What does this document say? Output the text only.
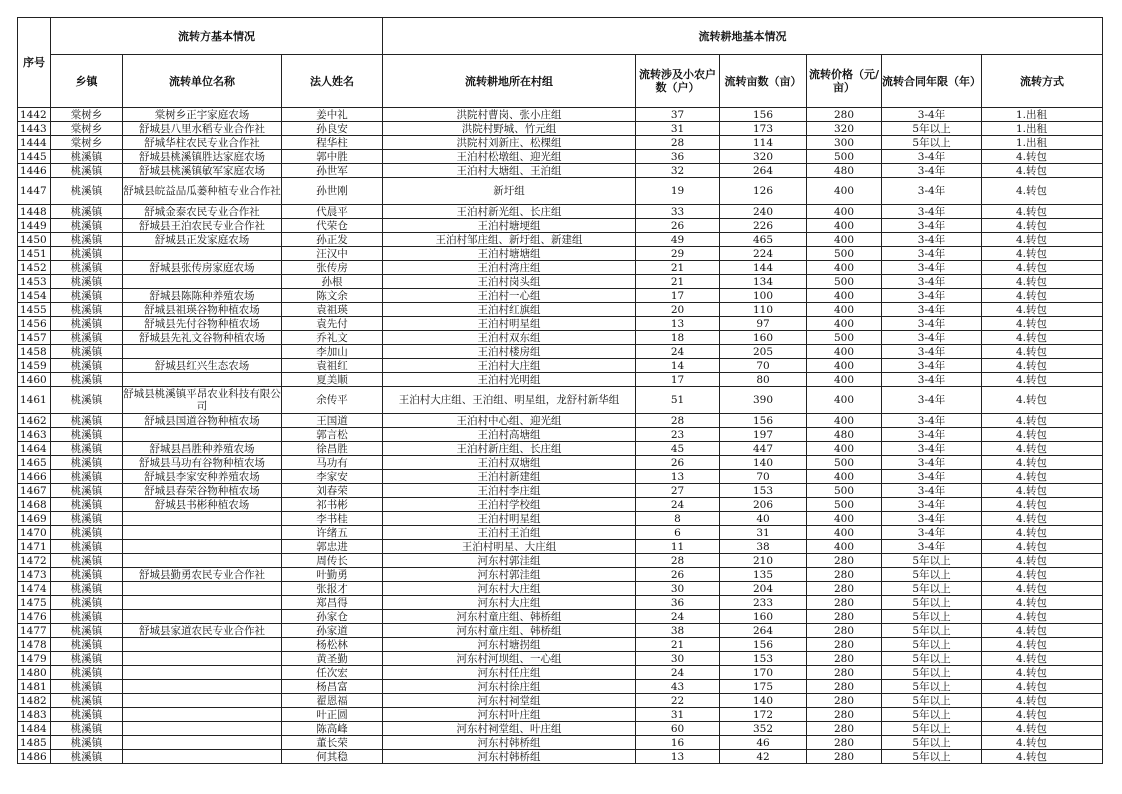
序号	流转方基本情况			流转耕地基本情况					
	乡镇	流转单位名称	法人姓名	流转耕地所在村组	流转涉及小农户数（户）	流转亩数（亩）	流转价格（元/亩）	流转合同年限（年）	流转方式
1442	棠树乡	棠树乡正宇家庭农场	姜中礼	洪院村曹岗、张小庄组	37	156	280	3-4年	1.出租
1443	棠树乡	舒城县八里水稻专业合作社	孙良安	洪院村野城、竹元组	31	173	320	5年以上	1.出租
1444	棠树乡	舒城华柱农民专业合作社	程华柱	洪院村刘新庄、松棵组	28	114	300	5年以上	1.出租
1445	桃溪镇	舒城县桃溪镇胜达家庭农场	郭中胜	王泊村松墩组、迎光组	36	320	500	3-4年	4.转包
1446	桃溪镇	舒城县桃溪镇敏军家庭农场	孙世军	王泊村大塘组、王泊组	32	264	480	3-4年	4.转包
1447	桃溪镇	舒城县皖益品瓜蒌种植专业合作社	孙世刚	新圩组	19	126	400	3-4年	4.转包
1448	桃溪镇	舒城金泰农民专业合作社	代晨平	王泊村新光组、长庄组	33	240	400	3-4年	4.转包
1449	桃溪镇	舒城县王泊农民专业合作社	代荣仓	王泊村塘埂组	26	226	400	3-4年	4.转包
1450	桃溪镇	舒城县正发家庭农场	孙正发	王泊村邹庄组、新圩组、新建组	49	465	400	3-4年	4.转包
1451	桃溪镇		汪汉中	王泊村塘塘组	29	224	500	3-4年	4.转包
1452	桃溪镇	舒城县张传房家庭农场	张传房	王泊村湾庄组	21	144	400	3-4年	4.转包
1453	桃溪镇		孙根	王泊村岗头组	21	134	500	3-4年	4.转包
1454	桃溪镇	舒城县陈陈种养殖农场	陈文余	王泊村一心组	17	100	400	3-4年	4.转包
1455	桃溪镇	舒城县祖瑛谷物种植农场	袁祖瑛	王泊村红旗组	20	110	400	3-4年	4.转包
1456	桃溪镇	舒城县先付谷物种植农场	袁先付	王泊村明星组	13	97	400	3-4年	4.转包
1457	桃溪镇	舒城县先礼文谷物种植农场	乔礼文	王泊村双东组	18	160	500	3-4年	4.转包
1458	桃溪镇		李加山	王泊村楼房组	24	205	400	3-4年	4.转包
1459	桃溪镇	舒城县红兴生态农场	袁祖红	王泊村大庄组	14	70	400	3-4年	4.转包
1460	桃溪镇		夏美顺	王泊村光明组	17	80	400	3-4年	4.转包
1461	桃溪镇	舒城县桃溪镇平昂农业科技有限公司	余传平	王泊村大庄组、王泊组、明星组，龙舒村新华组	51	390	400	3-4年	4.转包
1462	桃溪镇	舒城县国道谷物种植农场	王国道	王泊村中心组、迎光组	28	156	400	3-4年	4.转包
1463	桃溪镇		郭言松	王泊村高塘组	23	197	480	3-4年	4.转包
1464	桃溪镇	舒城县昌胜种养殖农场	徐昌胜	王泊村新庄组、长庄组	45	447	400	3-4年	4.转包
1465	桃溪镇	舒城县马功有谷物种植农场	马功有	王泊村双塘组	26	140	500	3-4年	4.转包
1466	桃溪镇	舒城县李家安种养殖农场	李家安	王泊村新建组	13	70	400	3-4年	4.转包
1467	桃溪镇	舒城县春荣谷物种植农场	刘春荣	王泊村李庄组	27	153	500	3-4年	4.转包
1468	桃溪镇	舒城县书彬种植农场	祁书彬	王泊村学校组	24	206	500	3-4年	4.转包
1469	桃溪镇		李书桂	王泊村明星组	8	40	400	3-4年	4.转包
1470	桃溪镇		许绪五	王泊村王泊组	6	31	400	3-4年	4.转包
1471	桃溪镇		郭忠进	王泊村明星、大庄组	11	38	400	3-4年	4.转包
1472	桃溪镇		周传长	河东村郭洼组	28	210	280	5年以上	4.转包
1473	桃溪镇	舒城县勤勇农民专业合作社	叶勤勇	河东村郭洼组	26	135	280	5年以上	4.转包
1474	桃溪镇		张报才	河东村大庄组	30	204	280	5年以上	4.转包
1475	桃溪镇		郑昌得	河东村大庄组	36	233	280	5年以上	4.转包
1476	桃溪镇		孙家仓	河东村童庄组、韩桥组	24	160	280	5年以上	4.转包
1477	桃溪镇	舒城县家道农民专业合作社	孙家道	河东村童庄组、韩桥组	38	264	280	5年以上	4.转包
1478	桃溪镇		杨松林	河东村塘拐组	21	156	280	5年以上	4.转包
1479	桃溪镇		黄圣勤	河东村河坝组、一心组	30	153	280	5年以上	4.转包
1480	桃溪镇		任次宏	河东村任庄组	24	170	280	5年以上	4.转包
1481	桃溪镇		杨昌富	河东村徐庄组	43	175	280	5年以上	4.转包
1482	桃溪镇		翟恩福	河东村祠堂组	22	140	280	5年以上	4.转包
1483	桃溪镇		叶正圆	河东村叶庄组	31	172	280	5年以上	4.转包
1484	桃溪镇		陈高峰	河东村祠堂组、叶庄组	60	352	280	5年以上	4.转包
1485	桃溪镇		董长荣	河东村韩桥组	16	46	280	5年以上	4.转包
1486	桃溪镇		何其稳	河东村韩桥组	13	42	280	5年以上	4.转包
